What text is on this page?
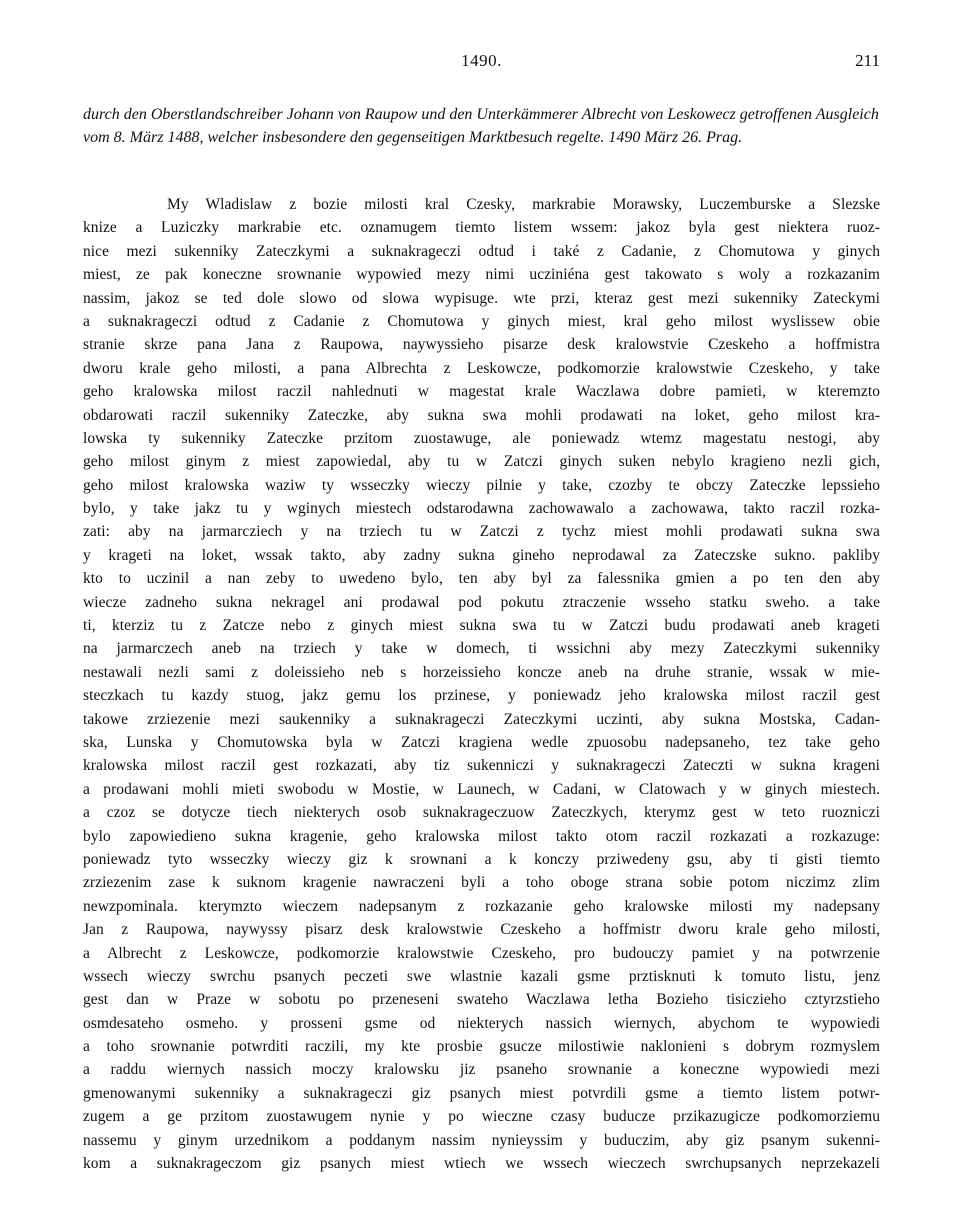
1490.	211
durch den Oberstlandschreiber Johann von Raupow und den Unterkämmerer Albrecht von Leskowecz getroffenen Ausgleich vom 8. März 1488, welcher insbesondere den gegenseitigen Marktbesuch regelte. 1490 März 26. Prag.
My Wladislaw z bozie milosti kral Czesky, markrabie Morawsky, Luczemburske a Slezske
knize a Luziczky markrabie etc. oznamugem tiemto listem wssem: jakoz byla gest niektera ruoz-
nice mezi sukenniky Zateczkymi a suknakrageczi odtud i také z Cadanie, z Chomutowa y ginych
miest, ze pak koneczne srownanie wypowied mezy nimi ucziniéna gest takowato s woly a rozkazanim
nassim, jakoz se ted dole slowo od slowa wypisuge. wte przi, kteraz gest mezi sukenniky Zateckymi
a suknakrageczi odtud z Cadanie z Chomutowa y ginych miest, kral geho milost wyslissew obie
stranie skrze pana Jana z Raupowa, naywyssieho pisarze desk kralowstvie Czeskeho a hoffmistra
dworu krale geho milosti, a pana Albrechta z Leskowcze, podkomorzie kralowstwie Czeskeho, y take
geho kralowska milost raczil nahlednuti w magestat krale Waczlawa dobre pamieti, w kteremzto
obdarowati raczil sukenniky Zateczke, aby sukna swa mohli prodawati na loket, geho milost kra-
lowska ty sukenniky Zateczke przitom zuostawuge, ale poniewadz wtemz magestatu nestogi, aby
geho milost ginym z miest zapowiedal, aby tu w Zatczi ginych suken nebylo kragieno nezli gich,
geho milost kralowska waziw ty wsseczky wieczy pilnie y take, czozby te obczy Zateczke lepssieho
bylo, y take jakz tu y wginych miestech odstarodawna zachowawalo a zachowawa, takto raczil rozka-
zati: aby na jarmarcziech y na trziech tu w Zatczi z tychz miest mohli prodawati sukna swa
y krageti na loket, wssak takto, aby zadny sukna gineho neprodawal za Zateczske sukno. pakliby
kto to uczinil a nan zeby to uwedeno bylo, ten aby byl za falessnika gmien a po ten den aby
wiecze zadneho sukna nekragel ani prodawal pod pokutu ztraczenie wsseho statku sweho. a take
ti, kterziz tu z Zatcze nebo z ginych miest sukna swa tu w Zatczi budu prodawati aneb krageti
na jarmarczech aneb na trziech y take w domech, ti wssichni aby mezy Zateczkymi sukenniky
nestawali nezli sami z doleissieho neb s horzeissieho koncze aneb na druhe stranie, wssak w mie-
steczkach tu kazdy stuog, jakz gemu los przinese, y poniewadz jeho kralowska milost raczil gest
takowe zrziezenie mezi saukenniky a suknakrageczi Zateczkymi uczinti, aby sukna Mostska, Cadan-
ska, Lunska y Chomutowska byla w Zatczi kragiena wedle zpuosobu nadepsaneho, tez take geho
kralowska milost raczil gest rozkazati, aby tiz sukenniczi y suknakrageczi Zateczti w sukna krageni
a prodawani mohli mieti swobodu w Mostie, w Launech, w Cadani, w Clatowach y w ginych miestech.
a czoz se dotycze tiech niekterych osob suknakrageczuow Zateczkych, kterymz gest w teto ruozniczi
bylo zapowiedieno sukna kragenie, geho kralowska milost takto otom raczil rozkazati a rozkazuge:
poniewadz tyto wsseczky wieczy giz k srownani a k konczy prziwedeny gsu, aby ti gisti tiemto
zrziezenim zase k suknom kragenie nawraczeni byli a toho oboge strana sobie potom niczimz zlim
newzpominala. kterymzto wieczem nadepsanym z rozkazanie geho kralowske milosti my nadepsany
Jan z Raupowa, naywyssy pisarz desk kralowstwie Czeskeho a hoffmistr dworu krale geho milosti,
a Albrecht z Leskowcze, podkomorzie kralowstwie Czeskeho, pro budouczy pamiet y na potwrzenie
wssech wieczy swrchu psanych peczeti swe wlastnie kazali gsme prztisknuti k tomuto listu, jenz
gest dan w Praze w sobotu po przeneseni swateho Waczlawa letha Bozieho tisiczieho cztyrzstieho
osmdesateho osmeho. y prosseni gsme od niekterych nassich wiernych, abychom te wypowiedi
a toho srownanie potwrditi raczili, my kte prosbie gsucze milostiwie naklonieni s dobrym rozmyslem
a raddu wiernych nassich moczy kralowsku jiz psaneho srownanie a koneczne wypowiedi mezi
gmenowanymi sukenniky a suknakrageczi giz psanych miest potvrdili gsme a tiemto listem potwr-
zugem a ge przitom zuostawugem nynie y po wieczne czasy buducze przikazugicze podkomorziemu
nassemu y ginym urzednikom a poddanym nassim nynieyssim y buduczim, aby giz psanym sukenni-
kom a suknakrageczom giz psanych miest wtiech we wssech wieczech swrchupsanych neprzekazeli
